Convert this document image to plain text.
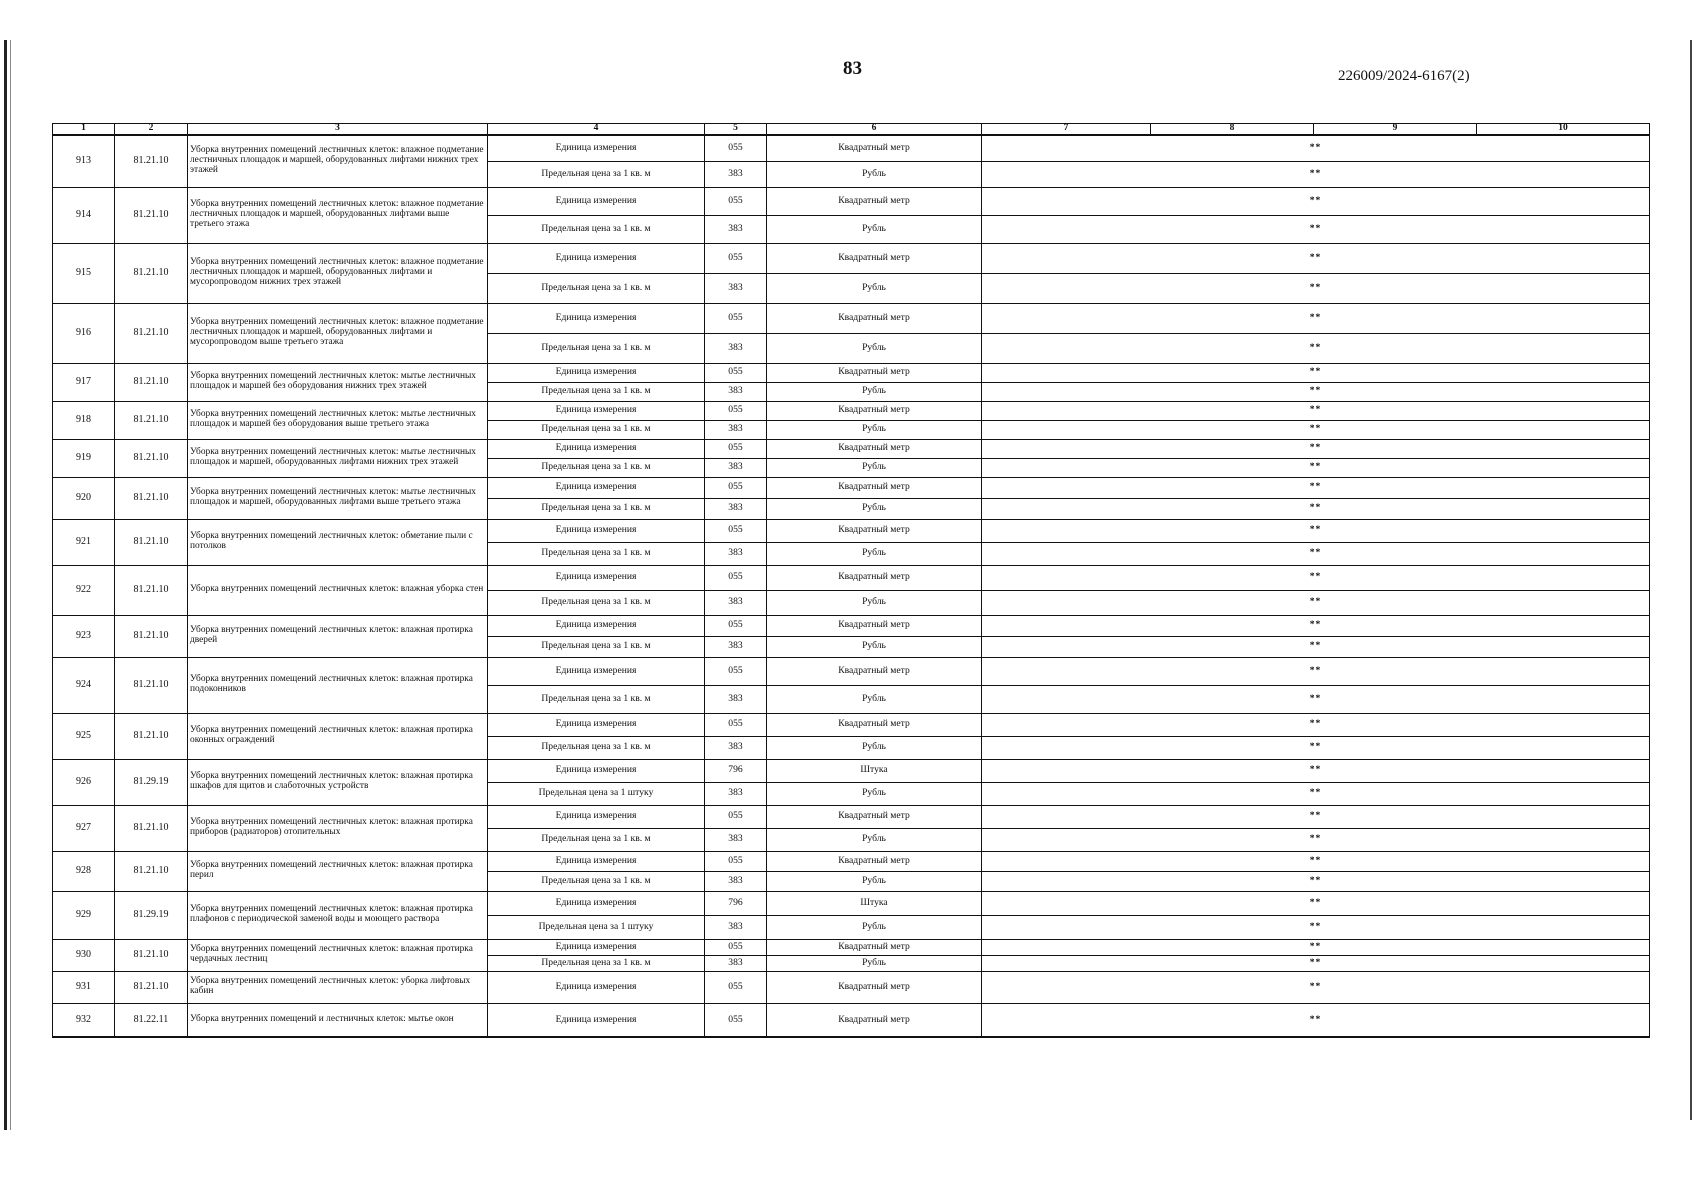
83	226009/2024-6167(2)
1	2	3	4	5	6	7	8	9	10
913	81.21.10	Уборка внутренних помещений лестничных клеток: влажное подметание лестничных площадок и маршей, оборудованных лифтами нижних трех этажей	Единица измерения	055	Квадратный метр	**			
			Предельная цена за 1 кв. м	383	Рубль	**			
914	81.21.10	Уборка внутренних помещений лестничных клеток: влажное подметание лестничных площадок и маршей, оборудованных лифтами выше третьего этажа	Единица измерения	055	Квадратный метр	**			
			Предельная цена за 1 кв. м	383	Рубль	**			
915	81.21.10	Уборка внутренних помещений лестничных клеток: влажное подметание лестничных площадок и маршей, оборудованных лифтами и мусоропроводом нижних трех этажей	Единица измерения	055	Квадратный метр	**			
			Предельная цена за 1 кв. м	383	Рубль	**			
916	81.21.10	Уборка внутренних помещений лестничных клеток: влажное подметание лестничных площадок и маршей, оборудованных лифтами и мусоропроводом выше третьего этажа	Единица измерения	055	Квадратный метр	**			
			Предельная цена за 1 кв. м	383	Рубль	**			
917	81.21.10	Уборка внутренних помещений лестничных клеток: мытье лестничных площадок и маршей без оборудования нижних трех этажей	Единица измерения	055	Квадратный метр	**			
			Предельная цена за 1 кв. м	383	Рубль	**			
918	81.21.10	Уборка внутренних помещений лестничных клеток: мытье лестничных площадок и маршей без оборудования выше третьего этажа	Единица измерения	055	Квадратный метр	**			
			Предельная цена за 1 кв. м	383	Рубль	**			
919	81.21.10	Уборка внутренних помещений лестничных клеток: мытье лестничных площадок и маршей, оборудованных лифтами нижних трех этажей	Единица измерения	055	Квадратный метр	**			
			Предельная цена за 1 кв. м	383	Рубль	**			
920	81.21.10	Уборка внутренних помещений лестничных клеток: мытье лестничных площадок и маршей, оборудованных лифтами выше третьего этажа	Единица измерения	055	Квадратный метр	**			
			Предельная цена за 1 кв. м	383	Рубль	**			
921	81.21.10	Уборка внутренних помещений лестничных клеток: обметание пыли с потолков	Единица измерения	055	Квадратный метр	**			
			Предельная цена за 1 кв. м	383	Рубль	**			
922	81.21.10	Уборка внутренних помещений лестничных клеток: влажная уборка стен	Единица измерения	055	Квадратный метр	**			
			Предельная цена за 1 кв. м	383	Рубль	**			
923	81.21.10	Уборка внутренних помещений лестничных клеток: влажная протирка дверей	Единица измерения	055	Квадратный метр	**			
			Предельная цена за 1 кв. м	383	Рубль	**			
924	81.21.10	Уборка внутренних помещений лестничных клеток: влажная протирка подоконников	Единица измерения	055	Квадратный метр	**			
			Предельная цена за 1 кв. м	383	Рубль	**			
925	81.21.10	Уборка внутренних помещений лестничных клеток: влажная протирка оконных ограждений	Единица измерения	055	Квадратный метр	**			
			Предельная цена за 1 кв. м	383	Рубль	**			
926	81.29.19	Уборка внутренних помещений лестничных клеток: влажная протирка шкафов для щитов и слаботочных устройств	Единица измерения	796	Штука	**			
			Предельная цена за 1 штуку	383	Рубль	**			
927	81.21.10	Уборка внутренних помещений лестничных клеток: влажная протирка приборов (радиаторов) отопительных	Единица измерения	055	Квадратный метр	**			
			Предельная цена за 1 кв. м	383	Рубль	**			
928	81.21.10	Уборка внутренних помещений лестничных клеток: влажная протирка перил	Единица измерения	055	Квадратный метр	**			
			Предельная цена за 1 кв. м	383	Рубль	**			
929	81.29.19	Уборка внутренних помещений лестничных клеток: влажная протирка плафонов с периодической заменой воды и моющего раствора	Единица измерения	796	Штука	**			
			Предельная цена за 1 штуку	383	Рубль	**			
930	81.21.10	Уборка внутренних помещений лестничных клеток: влажная протирка чердачных лестниц	Единица измерения	055	Квадратный метр	**			
			Предельная цена за 1 кв. м	383	Рубль	**			
931	81.21.10	Уборка внутренних помещений лестничных клеток: уборка лифтовых кабин	Единица измерения	055	Квадратный метр	**			
932	81.22.11	Уборка внутренних помещений и лестничных клеток: мытье окон	Единица измерения	055	Квадратный метр	**			
